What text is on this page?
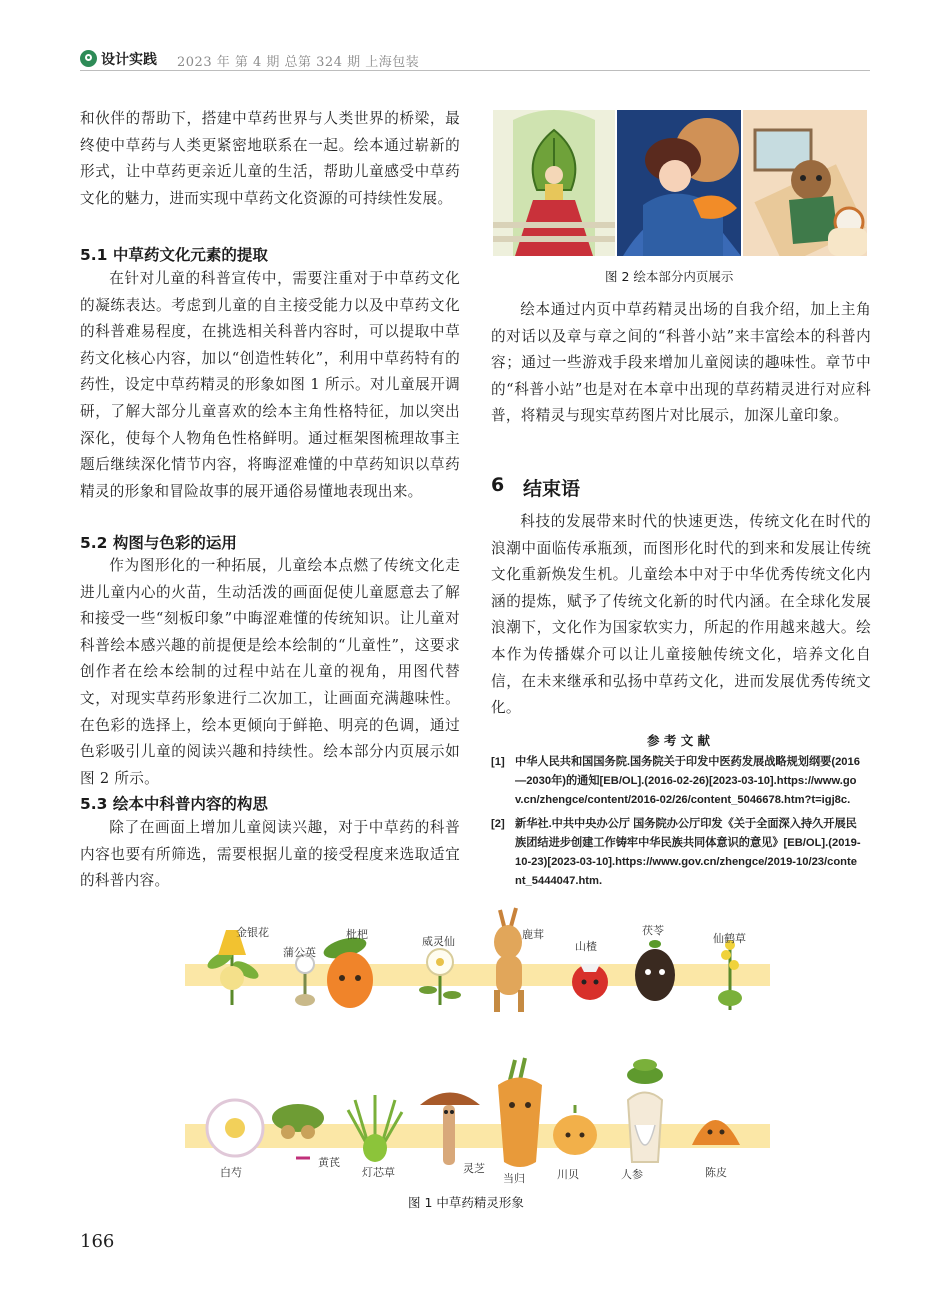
设计实践 2023 年 第 4 期 总第 324 期 上海包装

和伙伴的帮助下，搭建中草药世界与人类世界的桥梁，最终使中草药与人类更紧密地联系在一起。绘本通过崭新的形式，让中草药更亲近儿童的生活，帮助儿童感受中草药文化的魅力，进而实现中草药文化资源的可持续性发展。

5.1 中草药文化元素的提取

在针对儿童的科普宣传中，需要注重对于中草药文化的凝练表达。考虑到儿童的自主接受能力以及中草药文化的科普难易程度，在挑选相关科普内容时，可以提取中草药文化核心内容，加以“创造性转化”，利用中草药特有的药性，设定中草药精灵的形象如图 1 所示。对儿童展开调研，了解大部分儿童喜欢的绘本主角性格特征，加以突出深化，使每个人物角色性格鲜明。通过框架图梳理故事主题后继续深化情节内容，将晦涩难懂的中草药知识以草药精灵的形象和冒险故事的展开通俗易懂地表现出来。

5.2 构图与色彩的运用

作为图形化的一种拓展，儿童绘本点燃了传统文化走进儿童内心的火苗，生动活泼的画面促使儿童愿意去了解和接受一些“刻板印象”中晦涩难懂的传统知识。让儿童对科普绘本感兴趣的前提便是绘本绘制的“儿童性”，这要求创作者在绘本绘制的过程中站在儿童的视角，用图代替文，对现实草药形象进行二次加工，让画面充满趣味性。在色彩的选择上，绘本更倾向于鲜艳、明亮的色调，通过色彩吸引儿童的阅读兴趣和持续性。绘本部分内页展示如图 2 所示。

5.3 绘本中科普内容的构思

除了在画面上增加儿童阅读兴趣，对于中草药的科普内容也要有所筛选，需要根据儿童的接受程度来选取适宜的科普内容。

图 2 绘本部分内页展示

绘本通过内页中草药精灵出场的自我介绍，加上主角的对话以及章与章之间的“科普小站”来丰富绘本的科普内容；通过一些游戏手段来增加儿童阅读的趣味性。章节中的“科普小站”也是对在本章中出现的草药精灵进行对应科普，将精灵与现实草药图片对比展示，加深儿童印象。

6 结束语

科技的发展带来时代的快速更迭，传统文化在时代的浪潮中面临传承瓶颈，而图形化时代的到来和发展让传统文化重新焕发生机。儿童绘本中对于中华优秀传统文化内涵的提炼，赋予了传统文化新的时代内涵。在全球化发展浪潮下，文化作为国家软实力，所起的作用越来越大。绘本作为传播媒介可以让儿童接触传统文化，培养文化自信，在未来继承和弘扬中草药文化，进而发展优秀传统文化。

参 考 文 献

[1] 中华人民共和国国务院.国务院关于印发中医药发展战略规划纲要(2016—2030年)的通知[EB/OL].(2016-02-26)[2023-03-10].https://www.gov.cn/zhengce/content/2016-02/26/content_5046678.htm?t=igj8c.
[2] 新华社.中共中央办公厅 国务院办公厅印发《关于全面深入持久开展民族团结进步创建工作铸牢中华民族共同体意识的意见》[EB/OL].(2019-10-23)[2023-03-10].https://www.gov.cn/zhengce/2019-10/23/content_5444047.htm.
金银花
蒲公英
枇杷
威灵仙
鹿茸
山楂
茯苓
仙鹤草
白芍
黄芪
灯芯草	灵芝
当归	川贝	人参	陈皮

图 1 中草药精灵形象

166
